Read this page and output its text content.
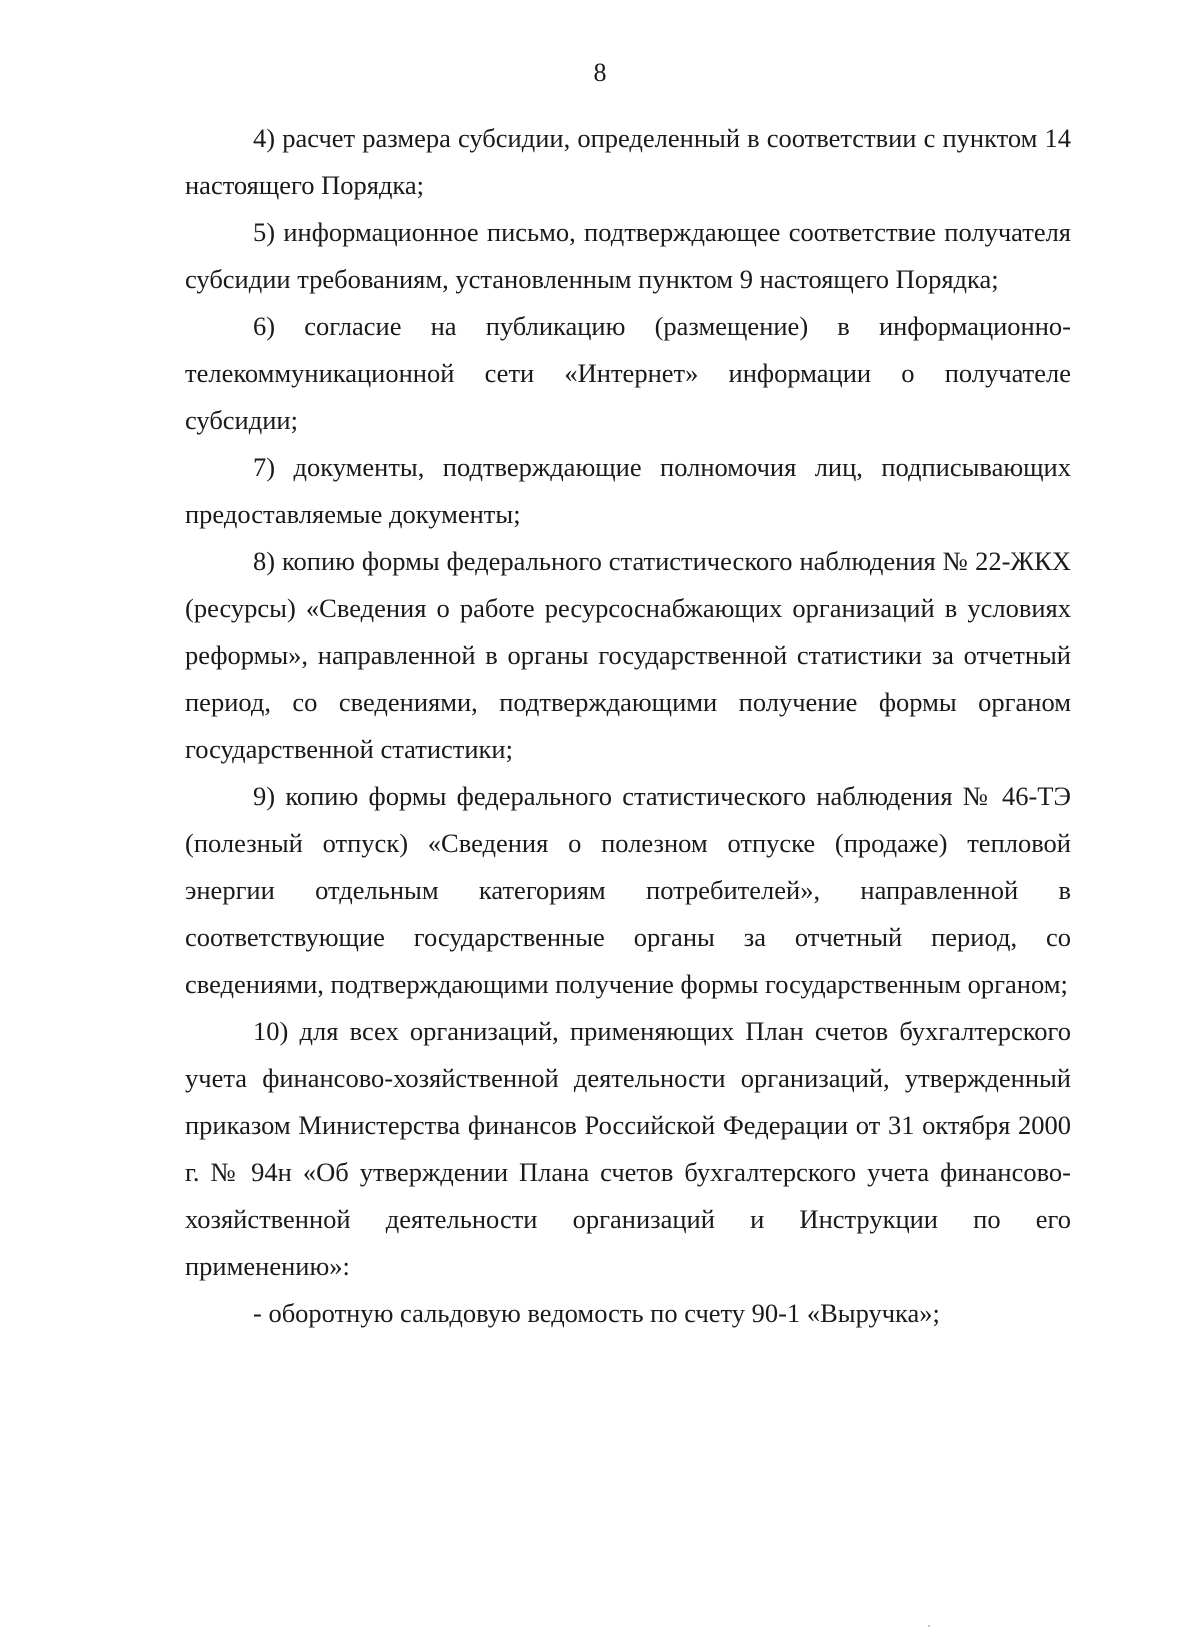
8

4) расчет размера субсидии, определенный в соответствии с пунктом 14 настоящего Порядка;

5) информационное письмо, подтверждающее соответствие получателя субсидии требованиям, установленным пунктом 9 настоящего Порядка;

6) согласие на публикацию (размещение) в информационно-телекоммуникационной сети «Интернет» информации о получателе субсидии;

7) документы, подтверждающие полномочия лиц, подписывающих предоставляемые документы;

8) копию формы федерального статистического наблюдения № 22-ЖКХ (ресурсы) «Сведения о работе ресурсоснабжающих организаций в условиях реформы», направленной в органы государственной статистики за отчетный период, со сведениями, подтверждающими получение формы органом государственной статистики;

9) копию формы федерального статистического наблюдения № 46-ТЭ (полезный отпуск) «Сведения о полезном отпуске (продаже) тепловой энергии отдельным категориям потребителей», направленной в соответствующие государственные органы за отчетный период, со сведениями, подтверждающими получение формы государственным органом;

10) для всех организаций, применяющих План счетов бухгалтерского учета финансово-хозяйственной деятельности организаций, утвержденный приказом Министерства финансов Российской Федерации от 31 октября 2000 г. № 94н «Об утверждении Плана счетов бухгалтерского учета финансово-хозяйственной деятельности организаций и Инструкции по его применению»:

- оборотную сальдовую ведомость по счету 90-1 «Выручка»;
